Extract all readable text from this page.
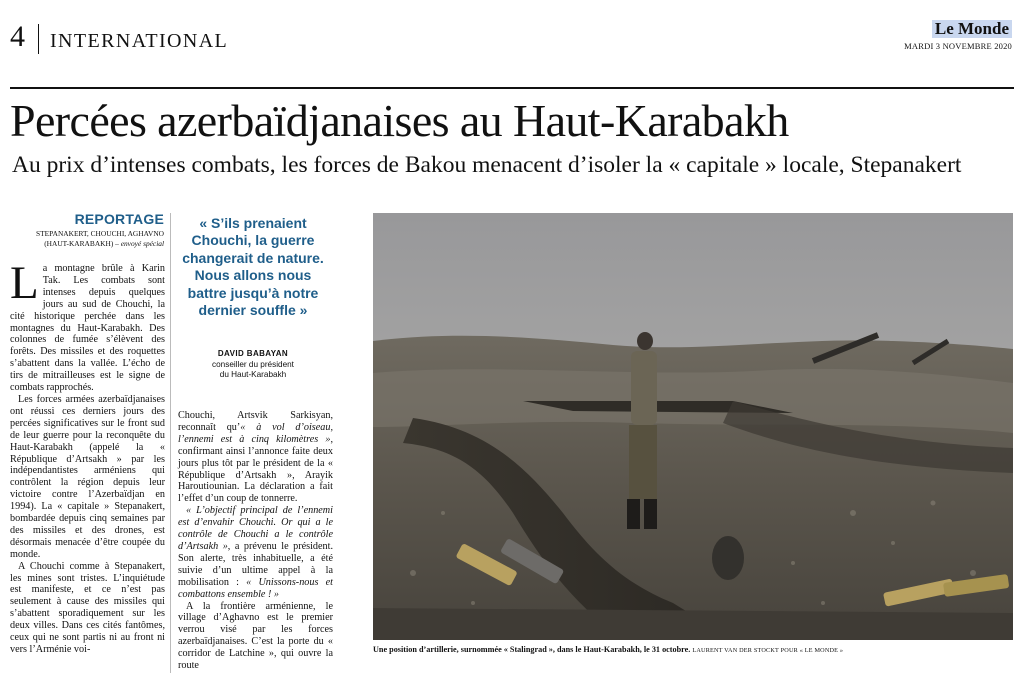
4 INTERNATIONAL
Le Monde
MARDI 3 NOVEMBRE 2020
Percées azerbaïdjanaises au Haut-Karabakh
Au prix d’intenses combats, les forces de Bakou menacent d’isoler la « capitale » locale, Stepanakert
REPORTAGE
STEPANAKERT, CHOUCHI, AGHAVNO
(HAUT-KARABAKH) – envoyé spécial
La montagne brûle à Karin Tak. Les combats sont intenses depuis quelques jours au sud de Chouchi, la cité historique perchée dans les montagnes du Haut-Karabakh. Des colonnes de fumée s’élèvent des forêts. Des missiles et des roquettes s’abattent dans la vallée. L’écho de tirs de mitrailleuses est le signe de combats rapprochés.
Les forces armées azerbaïdjanaises ont réussi ces derniers jours des percées significatives sur le front sud de leur guerre pour la reconquête du Haut-Karabakh (appelé la « République d’Artsakh » par les indépendantistes arméniens qui contrôlent la région depuis leur victoire contre l’Azerbaïdjan en 1994). La « capitale » Stepanakert, bombardée depuis cinq semaines par des missiles et des drones, est désormais menacée d’être coupée du monde.
A Chouchi comme à Stepanakert, les mines sont tristes. L’inquiétude est manifeste, et ce n’est pas seulement à cause des missiles qui s’abattent sporadiquement sur les deux villes. Dans ces cités fantômes, ceux qui ne sont partis ni au front ni vers l’Arménie voi-
« S’ils prenaient Chouchi, la guerre changerait de nature. Nous allons nous battre jusqu’à notre dernier souffle »
DAVID BABAYAN
conseiller du président
du Haut-Karabakh
Chouchi, Artsvik Sarkisyan, reconnaît qu’« à vol d’oiseau, l’ennemi est à cinq kilomètres », confirmant ainsi l’annonce faite deux jours plus tôt par le président de la « République d’Artsakh », Arayik Haroutiounian. La déclaration a fait l’effet d’un coup de tonnerre.
« L’objectif principal de l’ennemi est d’envahir Chouchi. Or qui a le contrôle de Chouchi a le contrôle d’Artsakh », a prévenu le président. Son alerte, très inhabituelle, a été suivie d’un ultime appel à la mobilisation : « Unissons-nous et combattons ensemble ! »
A la frontière arménienne, le village d’Aghavno est le premier verrou visé par les forces azerbaïdjanaises. C’est la porte du « corridor de Latchine », qui ouvre la route
Une position d’artillerie, surnommée « Stalingrad », dans le Haut-Karabakh, le 31 octobre. LAURENT VAN DER STOCKT POUR « LE MONDE »
